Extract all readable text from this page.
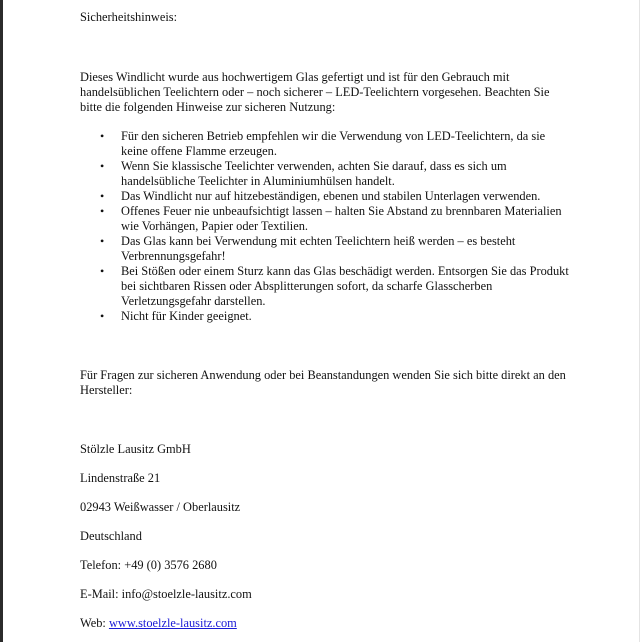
Sicherheitshinweis:

Dieses Windlicht wurde aus hochwertigem Glas gefertigt und ist für den Gebrauch mit handelsüblichen Teelichtern oder – noch sicherer – LED-Teelichtern vorgesehen. Beachten Sie bitte die folgenden Hinweise zur sicheren Nutzung:

• Für den sicheren Betrieb empfehlen wir die Verwendung von LED-Teelichtern, da sie keine offene Flamme erzeugen.
• Wenn Sie klassische Teelichter verwenden, achten Sie darauf, dass es sich um handelsübliche Teelichter in Aluminiumhülsen handelt.
• Das Windlicht nur auf hitzebeständigen, ebenen und stabilen Unterlagen verwenden.
• Offenes Feuer nie unbeaufsichtigt lassen – halten Sie Abstand zu brennbaren Materialien wie Vorhängen, Papier oder Textilien.
• Das Glas kann bei Verwendung mit echten Teelichtern heiß werden – es besteht Verbrennungsgefahr!
• Bei Stößen oder einem Sturz kann das Glas beschädigt werden. Entsorgen Sie das Produkt bei sichtbaren Rissen oder Absplitterungen sofort, da scharfe Glasscherben Verletzungsgefahr darstellen.
• Nicht für Kinder geeignet.

Für Fragen zur sicheren Anwendung oder bei Beanstandungen wenden Sie sich bitte direkt an den Hersteller:

Stölzle Lausitz GmbH

Lindenstraße 21

02943 Weißwasser / Oberlausitz

Deutschland

Telefon: +49 (0) 3576 2680

E-Mail: info@stoelzle-lausitz.com

Web: www.stoelzle-lausitz.com
